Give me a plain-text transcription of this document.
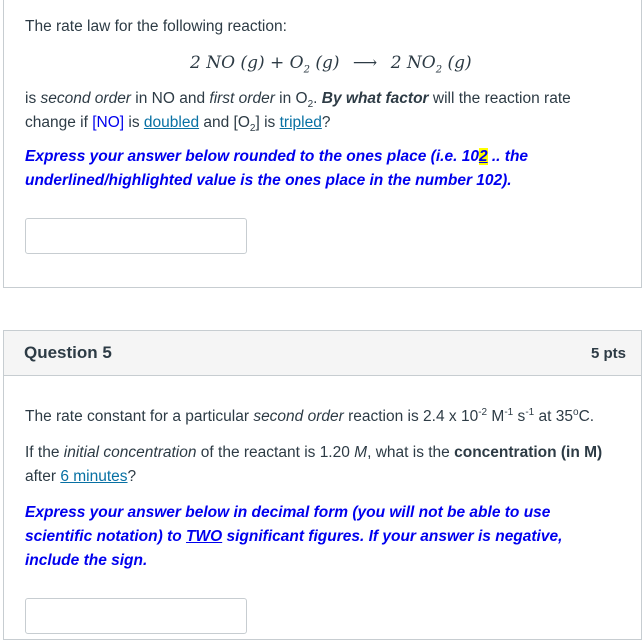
The rate law for the following reaction:
2 NO $(g) + O_2$ (g) ⟶ 2 $NO_2$ (g)
is second order in NO and first order in $O_2$. By what factor will the reaction rate
change if [NO] is doubled and $[O_2]$ is tripled?
Express your answer below rounded to the ones place (i.e. 102 .. the
underlined/highlighted value is the ones place in the number 102).
Question 5	5 pts
The rate constant for a particular second order reaction is 2.4 x $10^{-2}$ $M^{-1}$ $s^{-1}$ at 35$^o$C.
If the initial concentration of the reactant is 1.20 M, what is the concentration (in M)
after 6 minutes?
Express your answer below in decimal form (you will not be able to use
scientific notation) to TWO significant figures. If your answer is negative,
include the sign.
